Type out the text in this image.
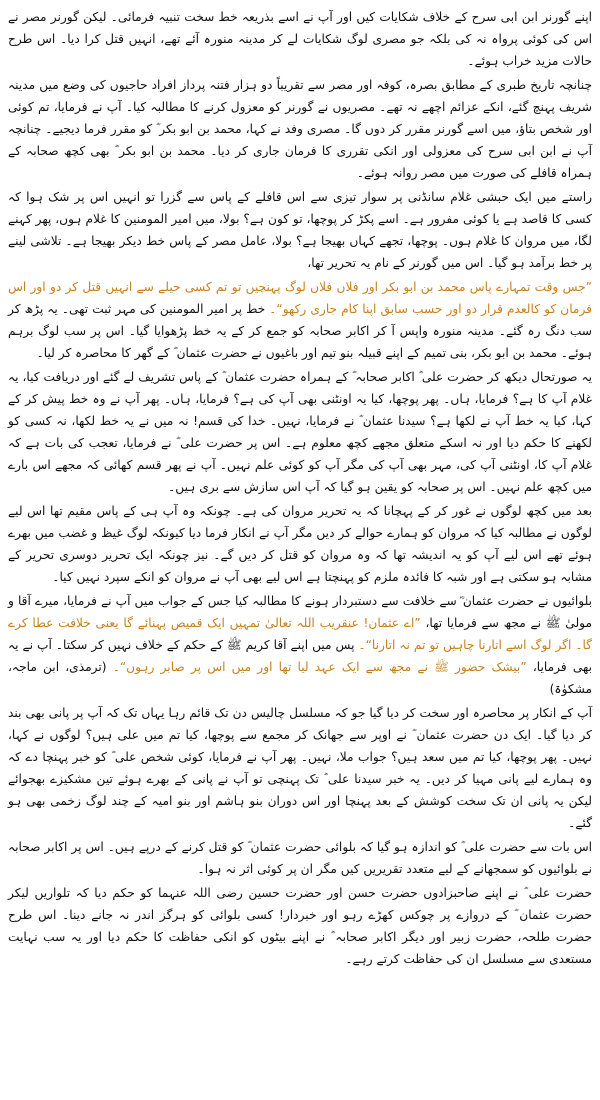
اپنے گورنر ابن ابی سرح کے خلاف شکایات کیں اور آپ نے اسے بذریعہ خط سخت تنبیہ فرمائی۔ لیکن گورنر مصر نے اس کی کوئی پرواہ نہ کی بلکہ جو مصری لوگ شکایات لے کر مدینہ منورہ آئے تھے، انہیں قتل کرا دیا۔ اس طرح حالات مزید خراب ہوئے۔

چنانچہ تاریخ طبری کے مطابق بصرہ، کوفہ اور مصر سے تقریباً دو ہزار فتنہ پرداز افراد حاجیوں کی وضع میں مدینہ شریف پہنچ گئے، انکے عزائم اچھے نہ تھے۔ مصریوں نے گورنر کو معزول کرنے کا مطالبہ کیا۔ آپ نے فرمایا، تم کوئی اور شخص بتاؤ، میں اسے گورنر مقرر کر دوں گا۔ مصری وفد نے کہا، محمد بن ابو بکر ؓ کو مقرر فرما دیجیے۔ چنانچہ آپ نے ابن ابی سرح کی معزولی اور انکی تقرری کا فرمان جاری کر دیا۔ محمد بن ابو بکر ؓ بھی کچھ صحابہ کے ہمراہ قافلے کی صورت میں مصر روانہ ہوئے۔

راستے میں ایک حبشی غلام سانڈنی پر سوار تیزی سے اس قافلے کے پاس سے گزرا تو انہیں اس پر شک ہوا کہ کسی کا قاصد ہے یا کوئی مفرور ہے۔ اسے پکڑ کر پوچھا، تو کون ہے؟ بولا، میں امیر المومنین کا غلام ہوں، پھر کہنے لگا، میں مروان کا غلام ہوں۔ پوچھا، تجھے کہاں بھیجا ہے؟ بولا، عامل مصر کے پاس خط دیکر بھیجا ہے۔ تلاشی لینے پر خط برآمد ہو گیا۔ اس میں گورنر کے نام یہ تحریر تھا،

”جس وقت تمہارے پاس محمد بن ابو بکر اور فلاں فلاں لوگ پہنچیں تو تم کسی حیلے سے انہیں قتل کر دو اور اس فرمان کو کالعدم قرار دو اور حسب سابق اپنا کام جاری رکھو“۔ خط پر امیر المومنین کی مہر ثبت تھی۔ یہ پڑھ کر سب دنگ رہ گئے۔ مدینہ منورہ واپس آ کر اکابر صحابہ کو جمع کر کے یہ خط پڑھوایا گیا۔ اس پر سب لوگ برہم ہوئے۔ محمد بن ابو بکر، بنی تمیم کے اپنے قبیلہ بنو تیم اور باغیوں نے حضرت عثمان ؓ کے گھر کا محاصرہ کر لیا۔

یہ صورتحال دیکھ کر حضرت علی ؓ اکابر صحابہ ؓ کے ہمراہ حضرت عثمان ؓ کے پاس تشریف لے گئے اور دریافت کیا، یہ غلام آپ کا ہے؟ فرمایا، ہاں۔ پھر پوچھا، کیا یہ اونٹنی بھی آپ کی ہے؟ فرمایا، ہاں۔ پھر آپ نے وہ خط پیش کر کے کہا، کیا یہ خط آپ نے لکھا ہے؟ سیدنا عثمان ؓ نے فرمایا، نہیں۔ خدا کی قسم! نہ میں نے یہ خط لکھا، نہ کسی کو لکھنے کا حکم دیا اور نہ اسکے متعلق مجھے کچھ معلوم ہے۔ اس پر حضرت علی ؓ نے فرمایا، تعجب کی بات ہے کہ غلام آپ کا، اونٹنی آپ کی، مہر بھی آپ کی مگر آپ کو کوئی علم نہیں۔ آپ نے پھر قسم کھائی کہ مجھے اس بارے میں کچھ علم نہیں۔ اس پر صحابہ کو یقین ہو گیا کہ آپ اس سازش سے بری ہیں۔

بعد میں کچھ لوگوں نے غور کر کے پہچانا کہ یہ تحریر مروان کی ہے۔ چونکہ وہ آپ ہی کے پاس مقیم تھا اس لیے لوگوں نے مطالبہ کیا کہ مروان کو ہمارے حوالے کر دیں مگر آپ نے انکار فرما دیا کیونکہ لوگ غیظ و غضب میں بھرے ہوئے تھے اس لیے آپ کو یہ اندیشہ تھا کہ وہ مروان کو قتل کر دیں گے۔ نیز چونکہ ایک تحریر دوسری تحریر کے مشابہ ہو سکتی ہے اور شبہ کا فائدہ ملزم کو پہنچتا ہے اس لیے بھی آپ نے مروان کو انکے سپرد نہیں کیا۔

بلوائیوں نے حضرت عثمان ؓ سے خلافت سے دستبردار ہونے کا مطالبہ کیا جس کے جواب میں آپ نے فرمایا، میرے آقا و مولیٰ ﷺ نے مجھ سے فرمایا تھا، ”اے عثمان! عنقریب اللہ تعالیٰ تمہیں ایک قمیص پہنائے گا یعنی خلافت عطا کرے گا۔ اگر لوگ اسے اتارنا چاہیں تو تم نہ اتارنا“۔ پس میں اپنے آقا کریم ﷺ کے حکم کے خلاف نہیں کر سکتا۔ آپ نے یہ بھی فرمایا، ”بیشک حضور ﷺ نے مجھ سے ایک عہد لیا تھا اور میں اس پر صابر رہوں“۔ (ترمذی، ابن ماجہ، مشکوٰۃ)

آپ کے انکار پر محاصرہ اور سخت کر دیا گیا جو کہ مسلسل چالیس دن تک قائم رہا یہاں تک کہ آپ پر پانی بھی بند کر دیا گیا۔ ایک دن حضرت عثمان ؓ نے اوپر سے جھانک کر مجمع سے پوچھا، کیا تم میں علی ہیں؟ لوگوں نے کہا، نہیں۔ پھر پوچھا، کیا تم میں سعد ہیں؟ جواب ملا، نہیں۔ پھر آپ نے فرمایا، کوئی شخص علی ؓ کو خبر پہنچا دے کہ وہ ہمارے لیے پانی مہیا کر دیں۔ یہ خبر سیدنا علی ؓ تک پہنچی تو آپ نے پانی کے بھرے ہوئے تین مشکیزے بھجوائے لیکن یہ پانی ان تک سخت کوشش کے بعد پہنچا اور اس دوران بنو ہاشم اور بنو امیہ کے چند لوگ زخمی بھی ہو گئے۔

اس بات سے حضرت علی ؓ کو اندازہ ہو گیا کہ بلوائی حضرت عثمان ؓ کو قتل کرنے کے درپے ہیں۔ اس پر اکابر صحابہ نے بلوائیوں کو سمجھانے کے لیے متعدد تقریریں کیں مگر ان پر کوئی اثر نہ ہوا۔

حضرت علی ؓ نے اپنے صاحبزادوں حضرت حسن اور حضرت حسین رضی اللہ عنہما کو حکم دیا کہ تلواریں لیکر حضرت عثمان ؓ کے دروازے پر چوکس کھڑے رہو اور خبردار! کسی بلوائی کو ہرگز اندر نہ جانے دینا۔ اس طرح حضرت طلحہ، حضرت زبیر اور دیگر اکابر صحابہ ؓ نے اپنے بیٹوں کو انکی حفاظت کا حکم دیا اور یہ سب نہایت مستعدی سے مسلسل ان کی حفاظت کرتے رہے۔
